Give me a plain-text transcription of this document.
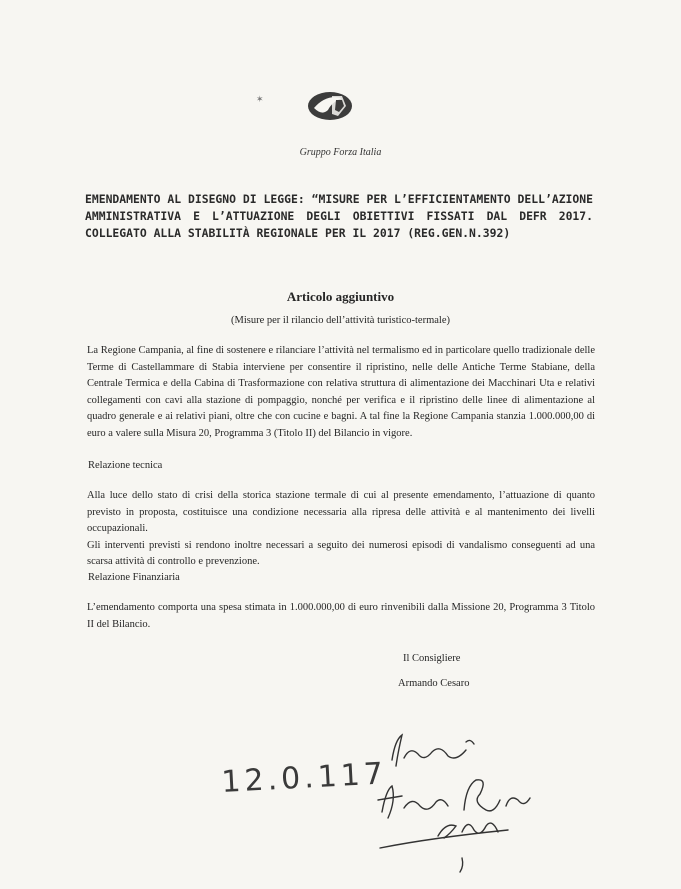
✶
Gruppo Forza Italia

EMENDAMENTO AL DISEGNO DI LEGGE: “MISURE PER L’EFFICIENTAMENTO DELL’AZIONE AMMINISTRATIVA E L’ATTUAZIONE DEGLI OBIETTIVI FISSATI DAL DEFR 2017. COLLEGATO ALLA STABILITÀ REGIONALE PER IL 2017 (REG.GEN.N.392)

Articolo aggiuntivo
(Misure per il rilancio dell’attività turistico-termale)

La Regione Campania, al fine di sostenere e rilanciare l’attività nel termalismo ed in particolare quello tradizionale delle Terme di Castellammare di Stabia interviene per consentire il ripristino, nelle delle Antiche Terme Stabiane, della Centrale Termica e della Cabina di Trasformazione con relativa struttura di alimentazione dei Macchinari Uta e relativi collegamenti con cavi alla stazione di pompaggio, nonché per verifica e il ripristino delle linee di alimentazione al quadro generale e ai relativi piani, oltre che con cucine e bagni. A tal fine la Regione Campania stanzia 1.000.000,00 di euro a valere sulla Misura 20, Programma 3 (Titolo II) del Bilancio in vigore.

Relazione tecnica

Alla luce dello stato di crisi della storica stazione termale di cui al presente emendamento, l’attuazione di quanto previsto in proposta, costituisce una condizione necessaria alla ripresa delle attività e al mantenimento dei livelli occupazionali.
Gli interventi previsti si rendono inoltre necessari a seguito dei numerosi episodi di vandalismo conseguenti ad una scarsa attività di controllo e prevenzione.

Relazione Finanziaria

L’emendamento comporta una spesa stimata in 1.000.000,00 di euro rinvenibili dalla Missione 20, Programma 3 Titolo II del Bilancio.

Il Consigliere
Armando Cesaro
12.0.117
